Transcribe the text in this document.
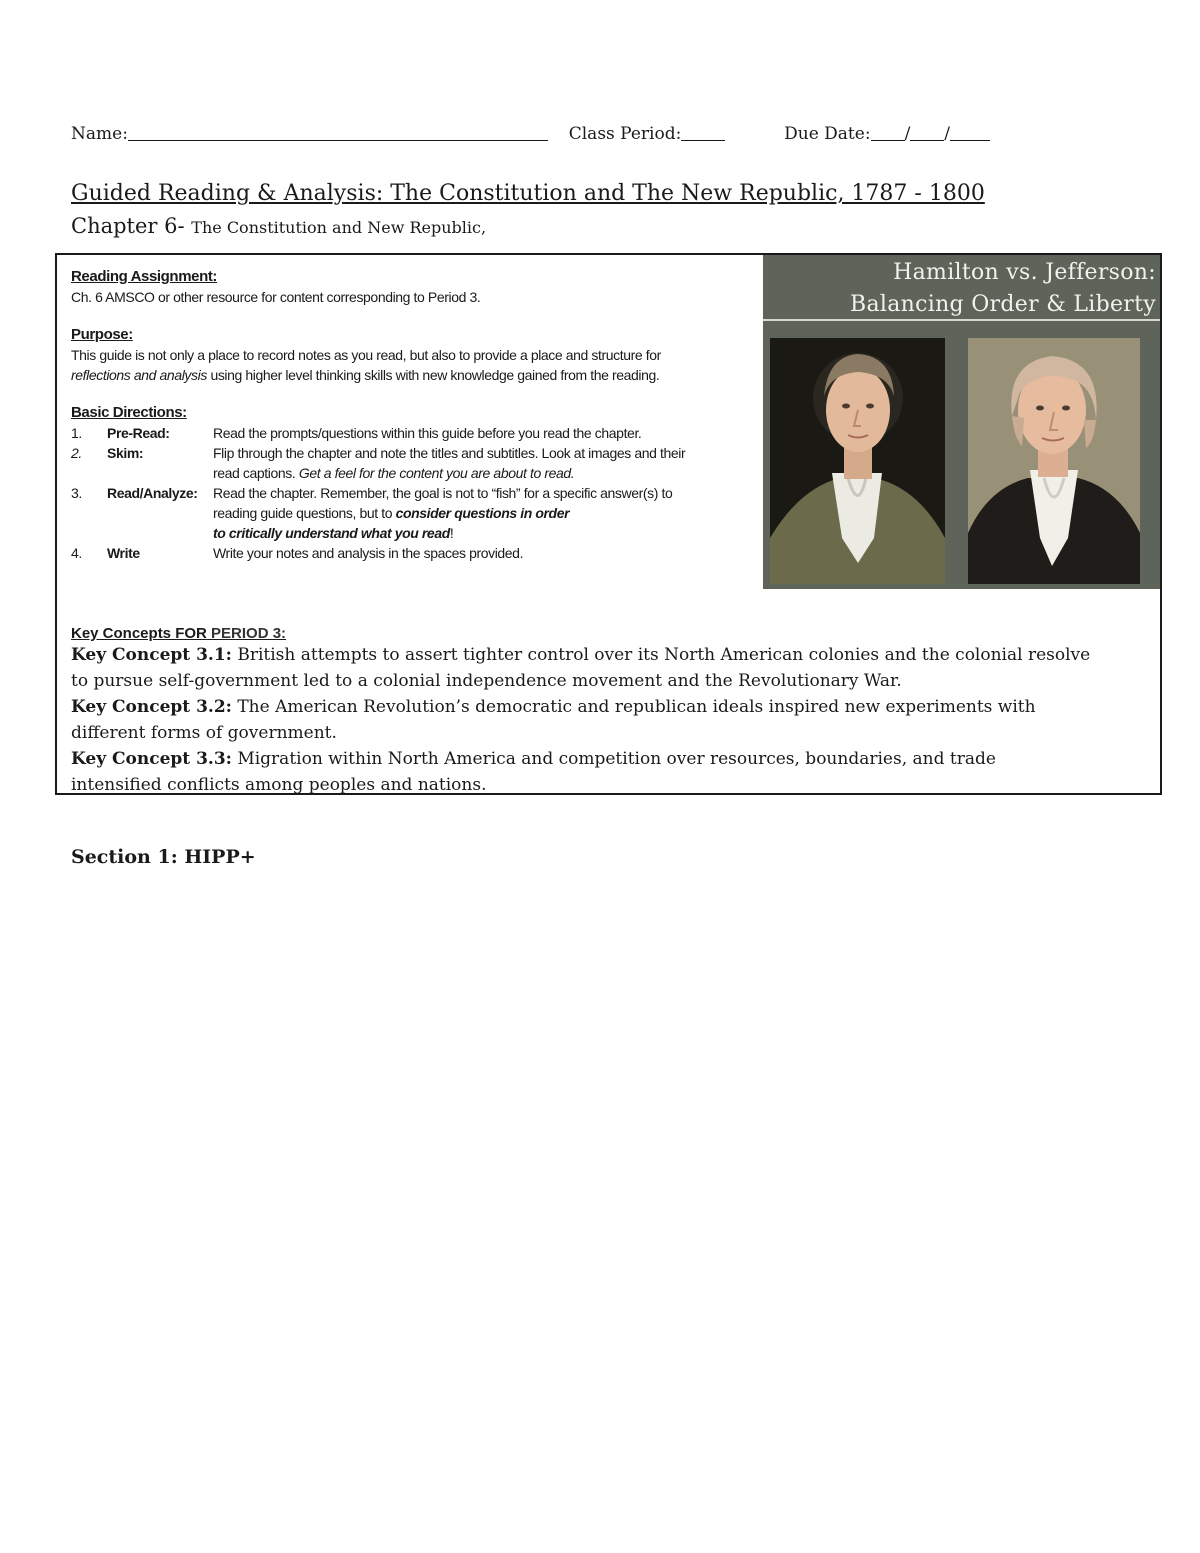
Name:	Class Period:	Due Date: / /
Guided Reading & Analysis: The Constitution and The New Republic, 1787 - 1800
Chapter 6- The Constitution and New Republic,
Reading Assignment:
Ch. 6 AMSCO or other resource for content corresponding to Period 3.
Purpose:
This guide is not only a place to record notes as you read, but also to provide a place and structure for
reflections and analysis using higher level thinking skills with new knowledge gained from the reading.
Basic Directions:
1. Pre-Read:	Read the prompts/questions within this guide before you read the chapter.
2. Skim:	Flip through the chapter and note the titles and subtitles. Look at images and their
read captions. Get a feel for the content you are about to read.
3. Read/Analyze: Read the chapter. Remember, the goal is not to “fish” for a specific answer(s) to
reading guide questions, but to consider questions in order
to critically understand what you read!
4. Write	Write your notes and analysis in the spaces provided.
Hamilton vs. Jefferson:
Balancing Order & Liberty
Key Concepts FOR PERIOD 3:
Key Concept 3.1: British attempts to assert tighter control over its North American colonies and the colonial resolve
to pursue self-government led to a colonial independence movement and the Revolutionary War.
Key Concept 3.2: The American Revolution’s democratic and republican ideals inspired new experiments with
different forms of government.
Key Concept 3.3: Migration within North America and competition over resources, boundaries, and trade
intensified conflicts among peoples and nations.
Section 1: HIPP+
